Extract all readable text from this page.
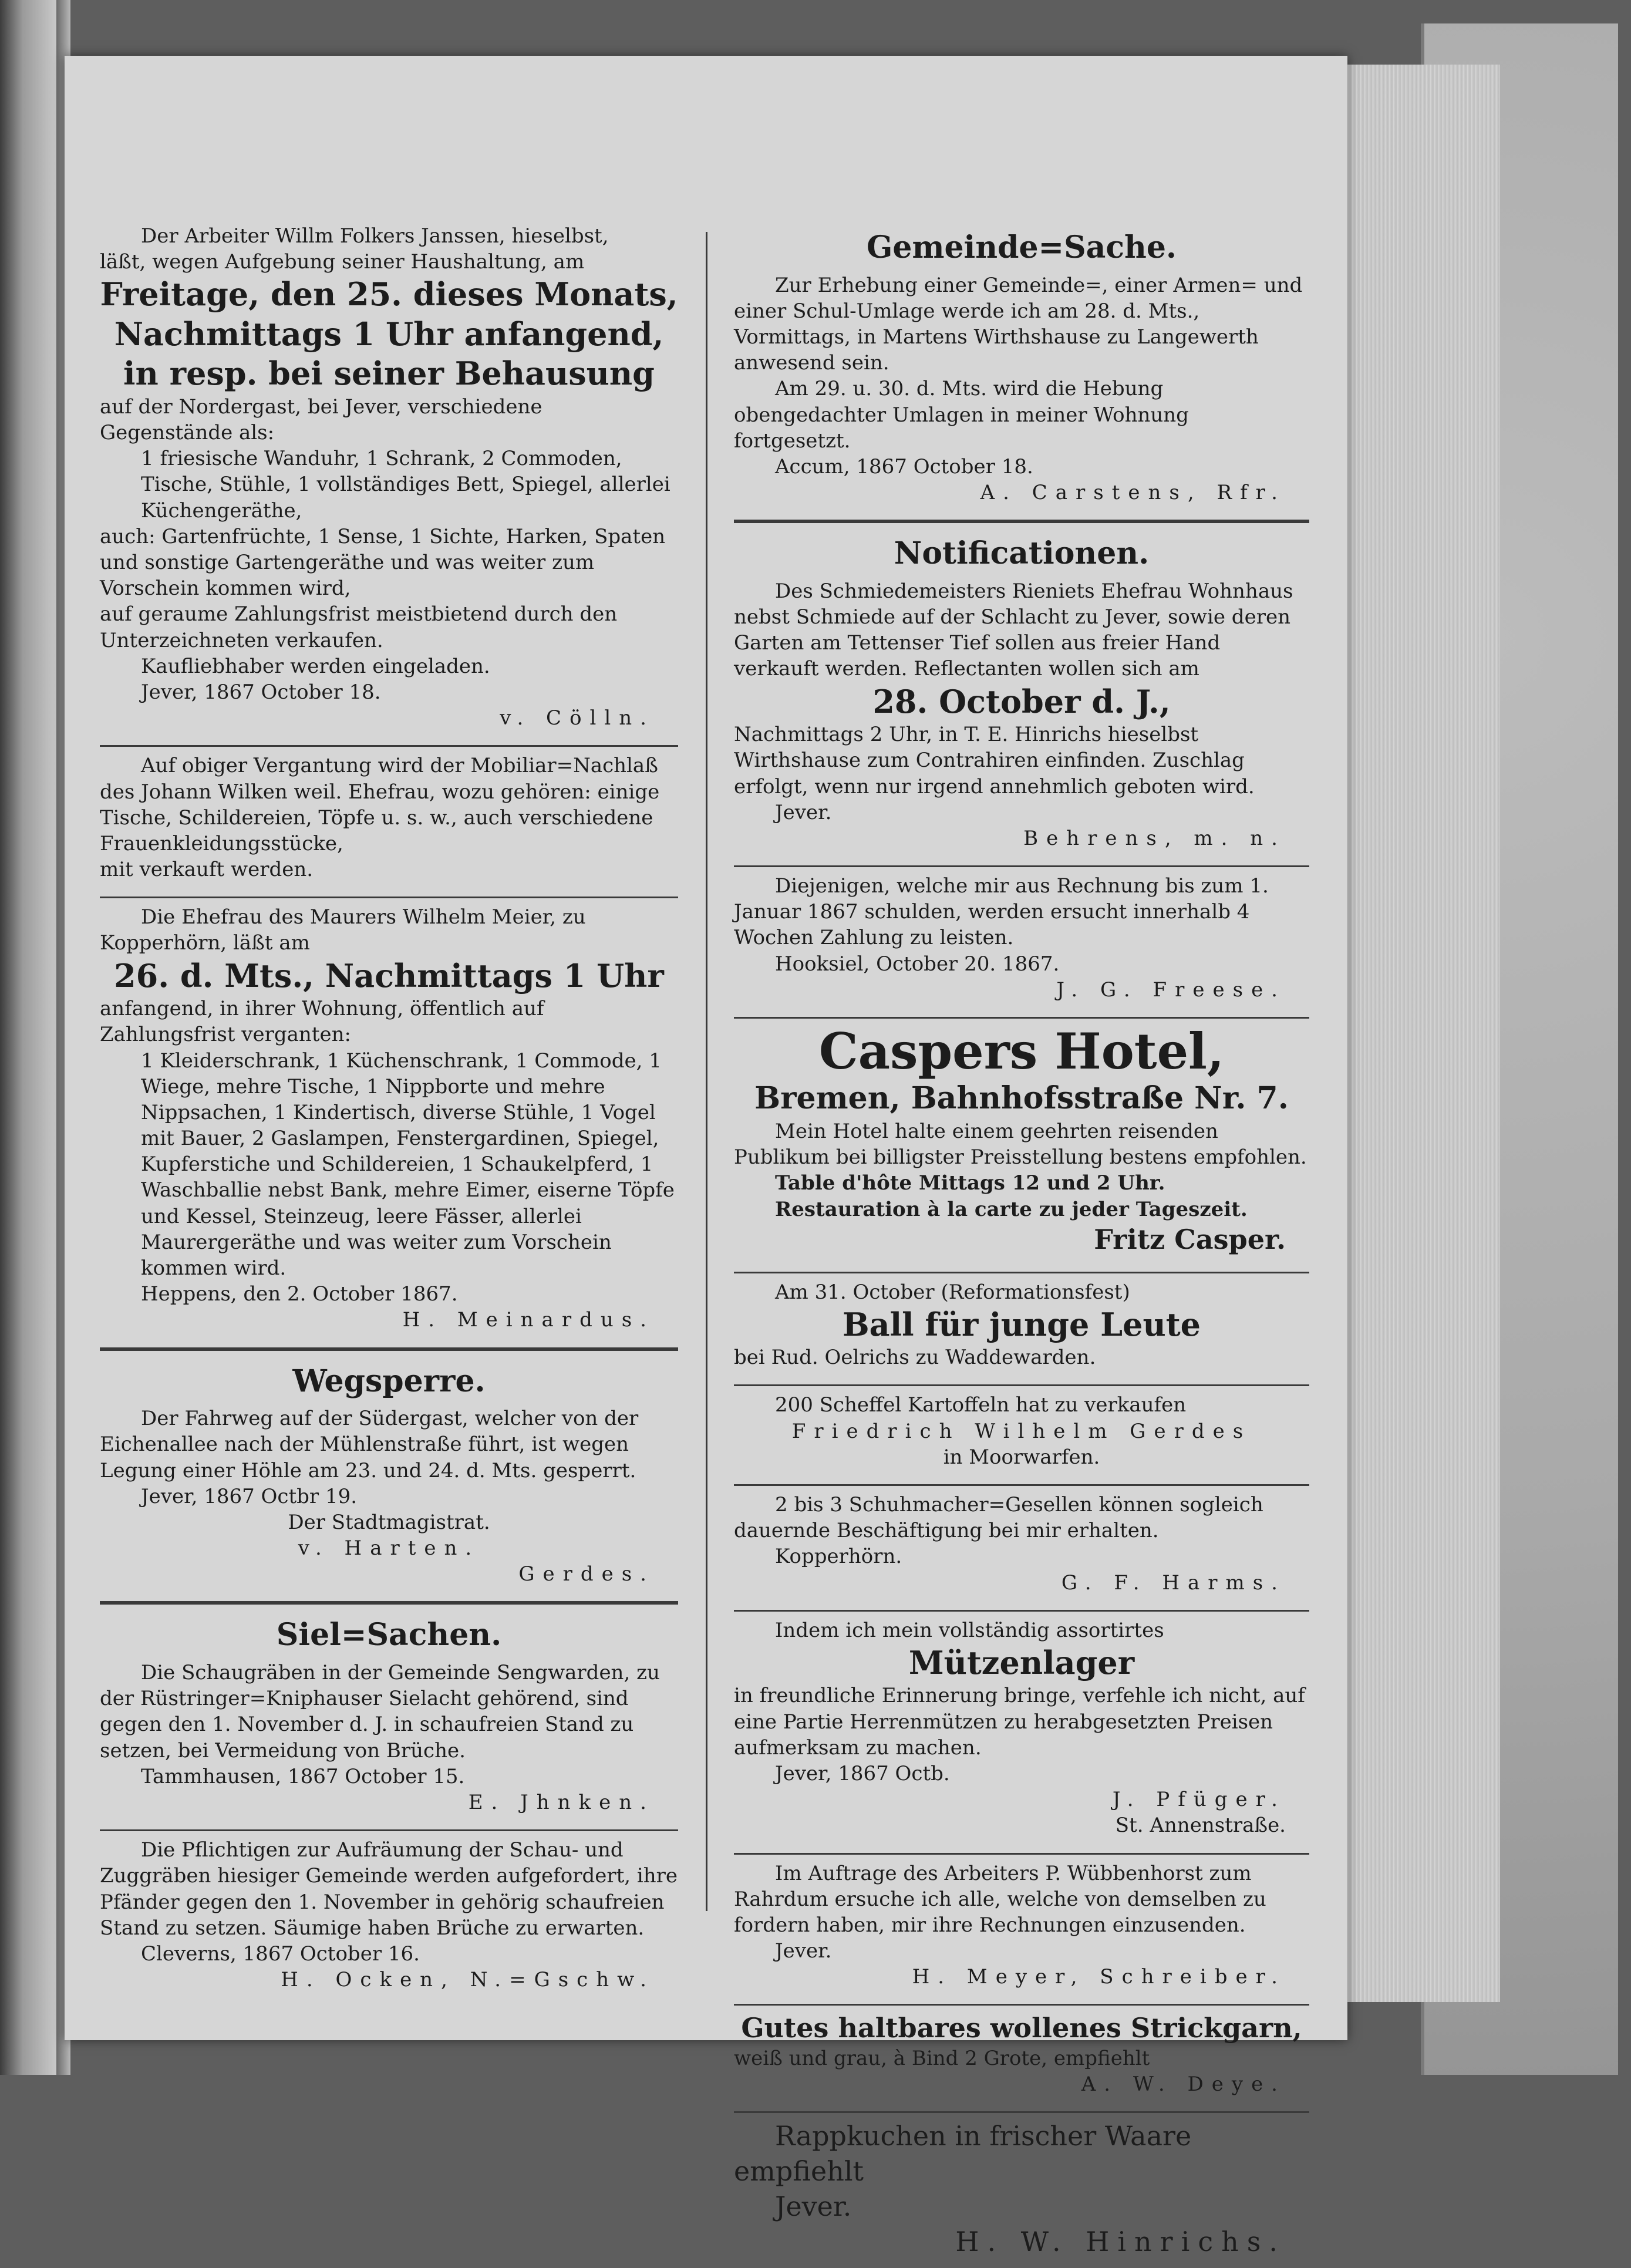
Der Arbeiter Willm Folkers Janssen, hieselbst,

läßt, wegen Aufgebung seiner Haushaltung, am

Freitage, den 25. dieses Monats,

Nachmittags 1 Uhr anfangend,

in resp. bei seiner Behausung

auf der Nordergast, bei Jever, verschiedene Gegenstände als:

1 friesische Wanduhr, 1 Schrank, 2 Commoden, Tische, Stühle, 1 vollständiges Bett, Spiegel, allerlei Küchengeräthe,

auch: Gartenfrüchte, 1 Sense, 1 Sichte, Harken, Spaten und sonstige Gartengeräthe und was weiter zum Vorschein kommen wird,

auf geraume Zahlungsfrist meistbietend durch den Unterzeichneten verkaufen.

Kaufliebhaber werden eingeladen.

Jever, 1867 October 18.

v. Cölln.

Auf obiger Vergantung wird der Mobiliar=Nachlaß des Johann Wilken weil. Ehefrau, wozu gehören: einige Tische, Schildereien, Töpfe u. s. w., auch verschiedene Frauenkleidungsstücke,

mit verkauft werden.

Die Ehefrau des Maurers Wilhelm Meier, zu Kopperhörn, läßt am

26. d. Mts., Nachmittags 1 Uhr

anfangend, in ihrer Wohnung, öffentlich auf Zahlungsfrist verganten:

1 Kleiderschrank, 1 Küchenschrank, 1 Commode, 1 Wiege, mehre Tische, 1 Nippborte und mehre Nippsachen, 1 Kindertisch, diverse Stühle, 1 Vogel mit Bauer, 2 Gaslampen, Fenstergardinen, Spiegel, Kupferstiche und Schildereien, 1 Schaukelpferd, 1 Waschballie nebst Bank, mehre Eimer, eiserne Töpfe und Kessel, Steinzeug, leere Fässer, allerlei Maurergeräthe und was weiter zum Vorschein kommen wird.

Heppens, den 2. October 1867.

H. Meinardus.

Wegsperre.

Der Fahrweg auf der Südergast, welcher von der Eichenallee nach der Mühlenstraße führt, ist wegen Legung einer Höhle am 23. und 24. d. Mts. gesperrt.

Jever, 1867 Octbr 19.

Der Stadtmagistrat.

v. Harten.

Gerdes.

Siel=Sachen.

Die Schaugräben in der Gemeinde Sengwarden, zu der Rüstringer=Kniphauser Sielacht gehörend, sind gegen den 1. November d. J. in schaufreien Stand zu setzen, bei Vermeidung von Brüche.

Tammhausen, 1867 October 15.

E. Jhnken.

Die Pflichtigen zur Aufräumung der Schau- und Zuggräben hiesiger Gemeinde werden aufgefordert, ihre Pfänder gegen den 1. November in gehörig schaufreien Stand zu setzen. Säumige haben Brüche zu erwarten.

Cleverns, 1867 October 16.

H. Ocken, N.=Gschw.

Gemeinde=Sache.

Zur Erhebung einer Gemeinde=, einer Armen= und einer Schul-Umlage werde ich am 28. d. Mts., Vormittags, in Martens Wirthshause zu Langewerth anwesend sein.

Am 29. u. 30. d. Mts. wird die Hebung obengedachter Umlagen in meiner Wohnung fortgesetzt.

Accum, 1867 October 18.

A. Carstens, Rfr.

Notificationen.

Des Schmiedemeisters Rieniets Ehefrau Wohnhaus nebst Schmiede auf der Schlacht zu Jever, sowie deren Garten am Tettenser Tief sollen aus freier Hand verkauft werden. Reflectanten wollen sich am

28. October d. J.,

Nachmittags 2 Uhr, in T. E. Hinrichs hieselbst Wirthshause zum Contrahiren einfinden. Zuschlag erfolgt, wenn nur irgend annehmlich geboten wird.

Jever.

Behrens, m. n.

Diejenigen, welche mir aus Rechnung bis zum 1. Januar 1867 schulden, werden ersucht innerhalb 4 Wochen Zahlung zu leisten.

Hooksiel, October 20. 1867.

J. G. Freese.

Caspers Hotel,

Bremen, Bahnhofsstraße Nr. 7.

Mein Hotel halte einem geehrten reisenden Publikum bei billigster Preisstellung bestens empfohlen.

Table d'hôte Mittags 12 und 2 Uhr.

Restauration à la carte zu jeder Tageszeit.

Fritz Casper.

Am 31. October (Reformationsfest)

Ball für junge Leute

bei Rud. Oelrichs zu Waddewarden.

200 Scheffel Kartoffeln hat zu verkaufen

Friedrich Wilhelm Gerdes

in Moorwarfen.

2 bis 3 Schuhmacher=Gesellen können sogleich dauernde Beschäftigung bei mir erhalten.

Kopperhörn.

G. F. Harms.

Indem ich mein vollständig assortirtes

Mützenlager

in freundliche Erinnerung bringe, verfehle ich nicht, auf eine Partie Herrenmützen zu herabgesetzten Preisen aufmerksam zu machen.

Jever, 1867 Octb.

J. Pfüger.

St. Annenstraße.

Im Auftrage des Arbeiters P. Wübbenhorst zum Rahrdum ersuche ich alle, welche von demselben zu fordern haben, mir ihre Rechnungen einzusenden.

Jever.

H. Meyer, Schreiber.

Gutes haltbares wollenes Strickgarn,

weiß und grau, à Bind 2 Grote, empfiehlt

A. W. Deye.

Rappkuchen in frischer Waare empfiehlt

Jever.

H. W. Hinrichs.
